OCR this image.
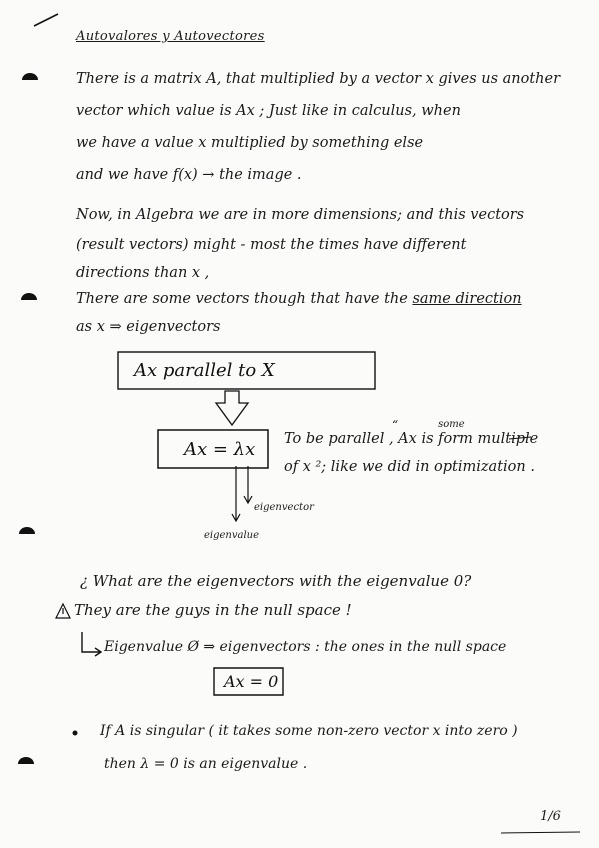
Autovalores y Autovectores
There is a matrix A, that multiplied by a vector x gives us another
vector which value is Ax ; Just like in calculus, when
we have a value x multiplied by something else
and we have f(x) → the image .
Now, in Algebra we are in more dimensions; and this vectors
(result vectors) might - most the times have different
directions than x ,
There are some vectors though that have the same direction
as x ⇒ eigenvectors
Ax parallel to X
Ax = λx To be parallel , Ax is
some
form multiple
“
of x ²; like we did in optimization .
eigenvector
eigenvalue
¿ What are the eigenvectors with the eigenvalue 0?
They are the guys in the null space !
Eigenvalue Ø ⇒ eigenvectors : the ones in the null space
Ax = 0
If A is singular ( it takes some non-zero vector x into zero )
then λ = 0 is an eigenvalue .
1/6
